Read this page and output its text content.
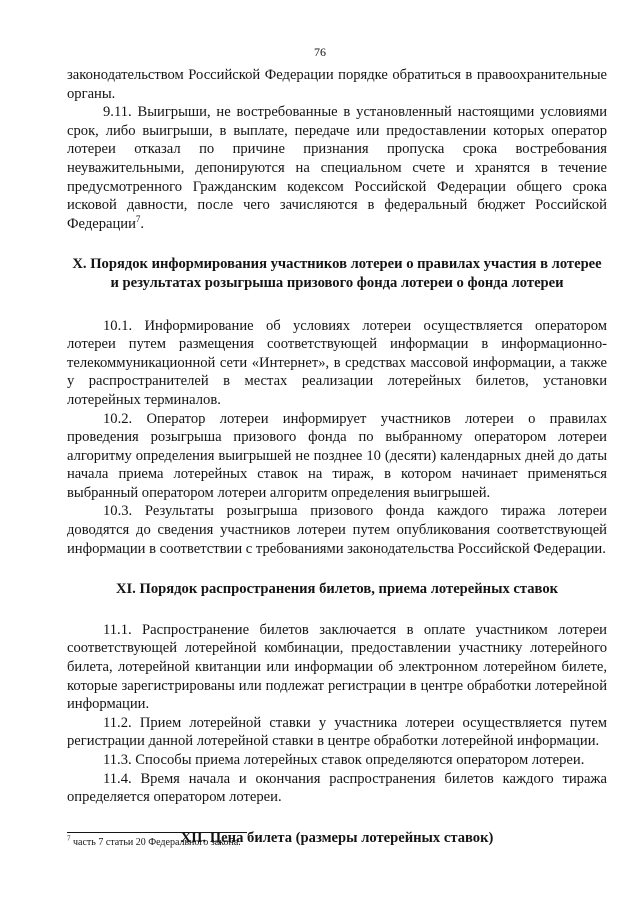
76

законодательством Российской Федерации порядке обратиться в правоохранительные органы.

9.11. Выигрыши, не востребованные в установленный настоящими условиями срок, либо выигрыши, в выплате, передаче или предоставлении которых оператор лотереи отказал по причине признания пропуска срока востребования неуважительными, депонируются на специальном счете и хранятся в течение предусмотренного Гражданским кодексом Российской Федерации общего срока исковой давности, после чего зачисляются в федеральный бюджет Российской Федерации$^7$.

X. Порядок информирования участников лотереи о правилах участия в лотерее и результатах розыгрыша призового фонда лотереи о фонда лотереи

10.1. Информирование об условиях лотереи осуществляется оператором лотереи путем размещения соответствующей информации в информационно-телекоммуникационной сети «Интернет», в средствах массовой информации, а также у распространителей в местах реализации лотерейных билетов, установки лотерейных терминалов.

10.2. Оператор лотереи информирует участников лотереи о правилах проведения розыгрыша призового фонда по выбранному оператором лотереи алгоритму определения выигрышей не позднее 10 (десяти) календарных дней до даты начала приема лотерейных ставок на тираж, в котором начинает применяться выбранный оператором лотереи алгоритм определения выигрышей.

10.3. Результаты розыгрыша призового фонда каждого тиража лотереи доводятся до сведения участников лотереи путем опубликования соответствующей информации в соответствии с требованиями законодательства Российской Федерации.

XI. Порядок распространения билетов, приема лотерейных ставок

11.1. Распространение билетов заключается в оплате участником лотереи соответствующей лотерейной комбинации, предоставлении участнику лотерейного билета, лотерейной квитанции или информации об электронном лотерейном билете, которые зарегистрированы или подлежат регистрации в центре обработки лотерейной информации.

11.2. Прием лотерейной ставки у участника лотереи осуществляется путем регистрации данной лотерейной ставки в центре обработки лотерейной информации.

11.3. Способы приема лотерейных ставок определяются оператором лотереи.

11.4. Время начала и окончания распространения билетов каждого тиража определяется оператором лотереи.

XII. Цена билета (размеры лотерейных ставок)
$^7$ часть 7 статьи 20 Федерального закона.
